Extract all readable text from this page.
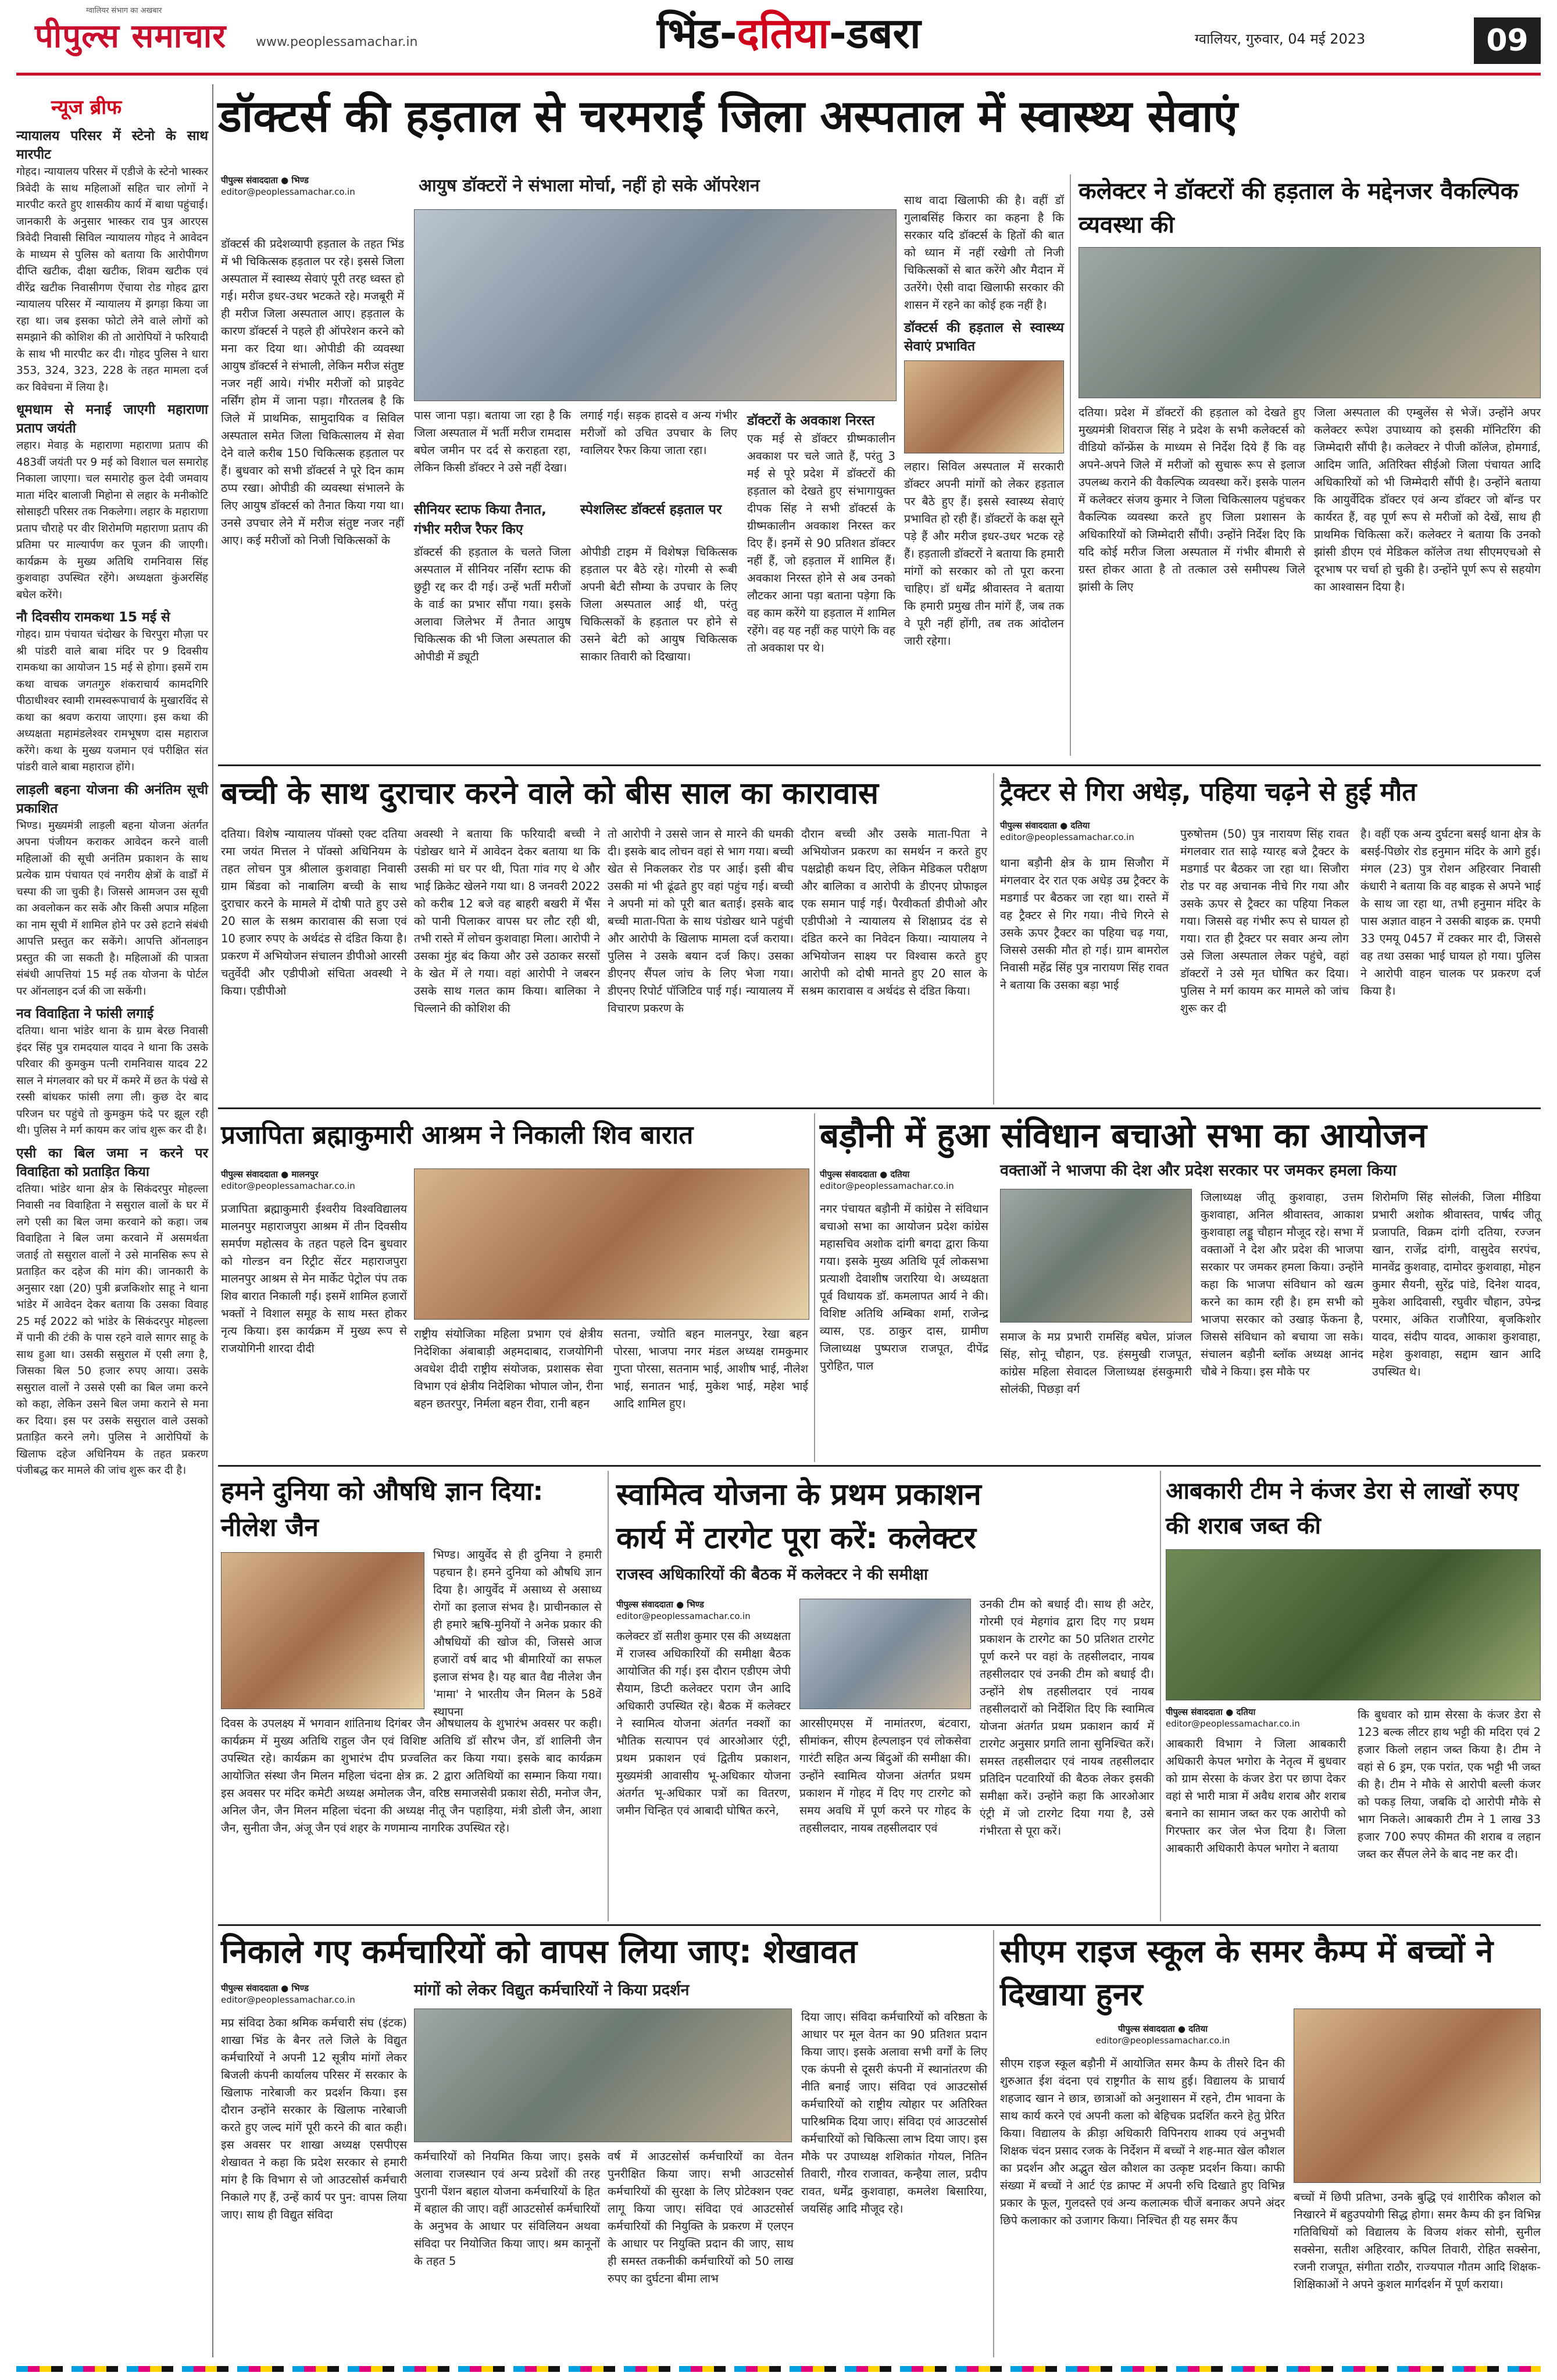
ग्वालियर संभाग का अखबार
पीपुल्स समाचार www.peoplessamachar.in	भिंड-दतिया-डबरा	ग्वालियर, गुरुवार, 04 मई 2023	09
न्यूज ब्रीफ
न्यायालय परिसर में स्टेनो के साथ मारपीट
गोहद। न्यायालय परिसर में एडीजे के स्टेनो भास्कर त्रिवेदी के साथ महिलाओं सहित चार लोगों ने मारपीट करते हुए शासकीय कार्य में बाधा पहुंचाई। जानकारी के अनुसार भास्कर राव पुत्र आरएस त्रिवेदी निवासी सिविल न्यायालय गोहद ने आवेदन के माध्यम से पुलिस को बताया कि आरोपीगण दीप्ति खटीक, दीक्षा खटीक, शिवम खटीक एवं वीरेंद्र खटीक निवासीगण ऐंचाया रोड गोहद द्वारा न्यायालय परिसर में न्यायालय में झगड़ा किया जा रहा था। जब इसका फोटो लेने वाले लोगों को समझाने की कोशिश की तो आरोपियों ने फरियादी के साथ भी मारपीट कर दी। गोहद पुलिस ने धारा 353, 324, 323, 228 के तहत मामला दर्ज कर विवेचना में लिया है।
धूमधाम से मनाई जाएगी महाराणा प्रताप जयंती
लहार। मेवाड़ के महाराणा महाराणा प्रताप की 483वीं जयंती पर 9 मई को विशाल चल समारोह निकाला जाएगा। चल समारोह कुल देवी जमवाय माता मंदिर बालाजी मिहोना से लहार के मनीकोटि सोसाइटी परिसर तक निकलेगा। लहार के महाराणा प्रताप चौराहे पर वीर शिरोमणि महाराणा प्रताप की प्रतिमा पर माल्यार्पण कर पूजन की जाएगी। कार्यक्रम के मुख्य अतिथि रामनिवास सिंह कुशवाहा उपस्थित रहेंगे। अध्यक्षता कुंअरसिंह बघेल करेंगे।
नौ दिवसीय रामकथा 15 मई से
गोहद। ग्राम पंचायत चंदोखर के चिरपुरा मौज़ा पर श्री पांडरी वाले बाबा मंदिर पर 9 दिवसीय रामकथा का आयोजन 15 मई से होगा। इसमें राम कथा वाचक जगतगुरु शंकराचार्य कामदगिरि पीठाधीश्वर स्वामी रामस्वरूपाचार्य के मुखारविंद से कथा का श्रवण कराया जाएगा। इस कथा की अध्यक्षता महामंडलेश्वर रामभूषण दास महाराज करेंगे। कथा के मुख्य यजमान एवं परीक्षित संत पांडरी वाले बाबा महाराज होंगे।
लाड़ली बहना योजना की अनंतिम सूची प्रकाशित
भिण्ड। मुख्यमंत्री लाड़ली बहना योजना अंतर्गत अपना पंजीयन कराकर आवेदन करने वाली महिलाओं की सूची अनंतिम प्रकाशन के साथ प्रत्येक ग्राम पंचायत एवं नगरीय क्षेत्रों के वार्डों में चस्पा की जा चुकी है। जिससे आमजन उस सूची का अवलोकन कर सकें और किसी अपात्र महिला का नाम सूची में शामिल होने पर उसे हटाने संबंधी आपत्ति प्रस्तुत कर सकेंगे। आपत्ति ऑनलाइन प्रस्तुत की जा सकती है। महिलाओं की पात्रता संबंधी आपत्तियां 15 मई तक योजना के पोर्टल पर ऑनलाइन दर्ज की जा सकेंगी।
नव विवाहिता ने फांसी लगाई
दतिया। थाना भांडेर थाना के ग्राम बेरछ निवासी इंदर सिंह पुत्र रामदयाल यादव ने थाना कि उसके परिवार की कुमकुम पत्नी रामनिवास यादव 22 साल ने मंगलवार को घर में कमरे में छत के पंखे से रस्सी बांधकर फांसी लगा ली। कुछ देर बाद परिजन घर पहुंचे तो कुमकुम फंदे पर झूल रही थी। पुलिस ने मर्ग कायम कर जांच शुरू कर दी है।
एसी का बिल जमा न करने पर विवाहिता को प्रताड़ित किया
दतिया। भांडेर थाना क्षेत्र के सिकंदरपुर मोहल्ला निवासी नव विवाहिता ने ससुराल वालों के घर में लगे एसी का बिल जमा करवाने को कहा। जब विवाहिता ने बिल जमा करवाने में असमर्थता जताई तो ससुराल वालों ने उसे मानसिक रूप से प्रताड़ित कर दहेज की मांग की। जानकारी के अनुसार रक्षा (20) पुत्री ब्रजकिशोर साहू ने थाना भांडेर में आवेदन देकर बताया कि उसका विवाह 25 मई 2022 को भांडेर के सिकंदरपुर मोहल्ला में पानी की टंकी के पास रहने वाले सागर साहू के साथ हुआ था। उसकी ससुराल में एसी लगा है, जिसका बिल 50 हजार रुपए आया। उसके ससुराल वालों ने उससे एसी का बिल जमा करने को कहा, लेकिन उसने बिल जमा कराने से मना कर दिया। इस पर उसके ससुराल वाले उसको प्रताड़ित करने लगे। पुलिस ने आरोपियों के खिलाफ दहेज अधिनियम के तहत प्रकरण पंजीबद्ध कर मामले की जांच शुरू कर दी है।
डॉक्टर्स की हड़ताल से चरमराईं जिला अस्पताल में स्वास्थ्य सेवाएं
पीपुल्स संवाददाता ● भिण्ड
editor@peoplessamachar.co.in	आयुष डॉक्टरों ने संभाला मोर्चा, नहीं हो सके ऑपरेशन
डॉक्टर्स की प्रदेशव्यापी हड़ताल के तहत भिंड में भी चिकित्सक हड़ताल पर रहे। इससे जिला अस्पताल में स्वास्थ्य सेवाएं पूरी तरह ध्वस्त हो गई। मरीज इधर-उधर भटकते रहे। मजबूरी में ही मरीज जिला अस्पताल आए। हड़ताल के कारण डॉक्टर्स ने पहले ही ऑपरेशन करने को मना कर दिया था। ओपीडी की व्यवस्था आयुष डॉक्टर्स ने संभाली, लेकिन मरीज संतुष्ट नजर नहीं आये। गंभीर मरीजों को प्राइवेट नर्सिंग होम में जाना पड़ा। गौरतलब है कि जिले में प्राथमिक, सामुदायिक व सिविल अस्पताल समेत जिला चिकित्सालय में सेवा देने वाले करीब 150 चिकित्सक हड़ताल पर हैं। बुधवार को सभी डॉक्टर्स ने पूरे दिन काम ठप्प रखा। ओपीडी की व्यवस्था संभालने के लिए आयुष डॉक्टर्स को तैनात किया गया था। उनसे उपचार लेने में मरीज संतुष्ट नजर नहीं आए। कई मरीजों को निजी चिकित्सकों के
पास जाना पड़ा। बताया जा रहा है कि जिला अस्पताल में भर्ती मरीज रामदास बघेल जमीन पर दर्द से कराहता रहा, लेकिन किसी डॉक्टर ने उसे नहीं देखा।
सीनियर स्टाफ किया तैनात, गंभीर मरीज रैफर किए
डॉक्टर्स की हड़ताल के चलते जिला अस्पताल में सीनियर नर्सिंग स्टाफ की छुट्टी रद्द कर दी गई। उन्हें भर्ती मरीजों के वार्ड का प्रभार सौंपा गया। इसके अलावा जिलेभर में तैनात आयुष चिकित्सक की भी जिला अस्पताल की ओपीडी में ड्यूटी
लगाई गई। सड़क हादसे व अन्य गंभीर मरीजों को उचित उपचार के लिए ग्वालियर रैफर किया जाता रहा।
स्पेशलिस्ट डॉक्टर्स हड़ताल पर
ओपीडी टाइम में विशेषज्ञ चिकित्सक हड़ताल पर बैठे रहे। गोरमी से रूबी अपनी बेटी सौम्या के उपचार के लिए जिला अस्पताल आई थी, परंतु चिकित्सकों के हड़ताल पर होने से उसने बेटी को आयुष चिकित्सक साकार तिवारी को दिखाया।
डॉक्टरों के अवकाश निरस्त
एक मई से डॉक्टर ग्रीष्मकालीन अवकाश पर चले जाते हैं, परंतु 3 मई से पूरे प्रदेश में डॉक्टरों की हड़ताल को देखते हुए संभागायुक्त दीपक सिंह ने सभी डॉक्टर्स के ग्रीष्मकालीन अवकाश निरस्त कर दिए हैं। इनमें से 90 प्रतिशत डॉक्टर नहीं हैं, जो हड़ताल में शामिल हैं। अवकाश निरस्त होने से अब उनको लौटकर आना पड़ा बताना पड़ेगा कि वह काम करेंगे या हड़ताल में शामिल रहेंगे। वह यह नहीं कह पाएंगे कि वह तो अवकाश पर थे।
साथ वादा खिलाफी की है। वहीं डॉ गुलाबसिंह किरार का कहना है कि सरकार यदि डॉक्टर्स के हितों की बात को ध्यान में नहीं रखेगी तो निजी चिकित्सकों से बात करेंगे और मैदान में उतरेंगे। ऐसी वादा खिलाफी सरकार की शासन में रहने का कोई हक नहीं है।
डॉक्टर्स की हड़ताल से स्वास्थ्य सेवाएं प्रभावित
लहार। सिविल अस्पताल में सरकारी डॉक्टर अपनी मांगों को लेकर हड़ताल पर बैठे हुए हैं। इससे स्वास्थ्य सेवाएं प्रभावित हो रही हैं। डॉक्टरों के कक्ष सूने पड़े हैं और मरीज इधर-उधर भटक रहे हैं। हड़ताली डॉक्टरों ने बताया कि हमारी मांगों को सरकार को तो पूरा करना चाहिए। डॉ धर्मेंद्र श्रीवास्तव ने बताया कि हमारी प्रमुख तीन मांगें हैं, जब तक वे पूरी नहीं होंगी, तब तक आंदोलन जारी रहेगा।
कलेक्टर ने डॉक्टरों की हड़ताल के मद्देनजर वैकल्पिक व्यवस्था की
दतिया। प्रदेश में डॉक्टरों की हड़ताल को देखते हुए मुख्यमंत्री शिवराज सिंह ने प्रदेश के सभी कलेक्टर्स को वीडियो कॉन्फ्रेंस के माध्यम से निर्देश दिये हैं कि वह अपने-अपने जिले में मरीजों को सुचारू रूप से इलाज उपलब्ध कराने की वैकल्पिक व्यवस्था करें। इसके पालन में कलेक्टर संजय कुमार ने जिला चिकित्सालय पहुंचकर वैकल्पिक व्यवस्था करते हुए जिला प्रशासन के अधिकारियों को जिम्मेदारी सौंपी। उन्होंने निर्देश दिए कि यदि कोई मरीज जिला अस्पताल में गंभीर बीमारी से ग्रस्त होकर आता है तो तत्काल उसे समीपस्थ जिले झांसी के लिए
जिला अस्पताल की एम्बुलेंस से भेजें। उन्होंने अपर कलेक्टर रूपेश उपाध्याय को इसकी मॉनिटरिंग की जिम्मेदारी सौंपी है। कलेक्टर ने पीजी कॉलेज, होमगार्ड, आदिम जाति, अतिरिक्त सीईओ जिला पंचायत आदि अधिकारियों को भी जिम्मेदारी सौंपी है। उन्होंने बताया कि आयुर्वेदिक डॉक्टर एवं अन्य डॉक्टर जो बॉन्ड पर कार्यरत हैं, वह पूर्ण रूप से मरीजों को देखें, साथ ही प्राथमिक चिकित्सा करें। कलेक्टर ने बताया कि उनको झांसी डीएम एवं मेडिकल कॉलेज तथा सीएमएचओ से दूरभाष पर चर्चा हो चुकी है। उन्होंने पूर्ण रूप से सहयोग का आश्वासन दिया है।
बच्ची के साथ दुराचार करने वाले को बीस साल का कारावास
दतिया। विशेष न्यायालय पॉक्सो एक्ट दतिया रमा जयंत मित्तल ने पॉक्सो अधिनियम के तहत लोचन पुत्र श्रीलाल कुशवाहा निवासी ग्राम बिंडवा को नाबालिग बच्ची के साथ दुराचार करने के मामले में दोषी पाते हुए उसे 20 साल के सश्रम कारावास की सजा एवं 10 हजार रुपए के अर्थदंड से दंडित किया है। प्रकरण में अभियोजन संचालन डीपीओ आरसी चतुर्वेदी और एडीपीओ संचिता अवस्थी ने किया। एडीपीओ
अवस्थी ने बताया कि फरियादी बच्ची ने पंडोखर थाने में आवेदन देकर बताया था कि उसकी मां घर पर थी, पिता गांव गए थे और भाई क्रिकेट खेलने गया था। 8 जनवरी 2022 को करीब 12 बजे वह बाहरी बखरी में भैंस को पानी पिलाकर वापस घर लौट रही थी, तभी रास्ते में लोचन कुशवाहा मिला। आरोपी ने उसका मुंह बंद किया और उसे उठाकर सरसों के खेत में ले गया। वहां आरोपी ने जबरन उसके साथ गलत काम किया। बालिका ने चिल्लाने की कोशिश की
तो आरोपी ने उससे जान से मारने की धमकी दी। इसके बाद लोचन वहां से भाग गया। बच्ची खेत से निकलकर रोड पर आई। इसी बीच उसकी मां भी ढूंढते हुए वहां पहुंच गई। बच्ची ने अपनी मां को पूरी बात बताई। इसके बाद बच्ची माता-पिता के साथ पंडोखर थाने पहुंची और आरोपी के खिलाफ मामला दर्ज कराया। पुलिस ने उसके बयान दर्ज किए। उसका डीएनए सैंपल जांच के लिए भेजा गया। डीएनए रिपोर्ट पॉजिटिव पाई गई। न्यायालय में विचारण प्रकरण के
दौरान बच्ची और उसके माता-पिता ने अभियोजन प्रकरण का समर्थन न करते हुए पक्षद्रोही कथन दिए, लेकिन मेडिकल परीक्षण और बालिका व आरोपी के डीएनए प्रोफाइल एक समान पाई गई। पैरवीकर्ता डीपीओ और एडीपीओ ने न्यायालय से शिक्षाप्रद दंड से दंडित करने का निवेदन किया। न्यायालय ने अभियोजन साक्ष्य पर विश्वास करते हुए आरोपी को दोषी मानते हुए 20 साल के सश्रम कारावास व अर्थदंड से दंडित किया।
ट्रैक्टर से गिरा अधेड़, पहिया चढ़ने से हुई मौत
पीपुल्स संवाददाता ● दतिया
editor@peoplessamachar.co.in
थाना बड़ौनी क्षेत्र के ग्राम सिजौरा में मंगलवार देर रात एक अधेड़ उम्र ट्रैक्टर के मडगार्ड पर बैठकर जा रहा था। रास्ते में वह ट्रैक्टर से गिर गया। नीचे गिरने से उसके ऊपर ट्रैक्टर का पहिया चढ़ गया, जिससे उसकी मौत हो गई। ग्राम बामरोल निवासी महेंद्र सिंह पुत्र नारायण सिंह रावत ने बताया कि उसका बड़ा भाई
पुरुषोत्तम (50) पुत्र नारायण सिंह रावत मंगलवार रात साढ़े ग्यारह बजे ट्रैक्टर के मडगार्ड पर बैठकर जा रहा था। सिजौरा रोड पर वह अचानक नीचे गिर गया और उसके ऊपर से ट्रैक्टर का पहिया निकल गया। जिससे वह गंभीर रूप से घायल हो गया। रात ही ट्रैक्टर पर सवार अन्य लोग उसे जिला अस्पताल लेकर पहुंचे, वहां डॉक्टरों ने उसे मृत घोषित कर दिया। पुलिस ने मर्ग कायम कर मामले को जांच शुरू कर दी
है। वहीं एक अन्य दुर्घटना बसई थाना क्षेत्र के बसई-पिछोर रोड हनुमान मंदिर के आगे हुई। मंगल (23) पुत्र रोशन अहिरवार निवासी कंधारी ने बताया कि वह बाइक से अपने भाई के साथ जा रहा था, तभी हनुमान मंदिर के पास अज्ञात वाहन ने उसकी बाइक क्र. एमपी 33 एमयू 0457 में टक्कर मार दी, जिससे वह तथा उसका भाई घायल हो गया। पुलिस ने आरोपी वाहन चालक पर प्रकरण दर्ज किया है।
प्रजापिता ब्रह्माकुमारी आश्रम ने निकाली शिव बारात
पीपुल्स संवाददाता ● मालनपुर
editor@peoplessamachar.co.in
प्रजापिता ब्रह्माकुमारी ईश्वरीय विश्वविद्यालय मालनपुर महाराजपुरा आश्रम में तीन दिवसीय समर्पण महोत्सव के तहत पहले दिन बुधवार को गोल्डन वन रिट्रीट सेंटर महाराजपुरा मालनपुर आश्रम से मेन मार्केट पेट्रोल पंप तक शिव बारात निकाली गई। इसमें शामिल हजारों भक्तों ने विशाल समूह के साथ मस्त होकर नृत्य किया। इस कार्यक्रम में मुख्य रूप से राजयोगिनी शारदा दीदी
राष्ट्रीय संयोजिका महिला प्रभाग एवं क्षेत्रीय निदेशिका अंबाबाड़ी अहमदाबाद, राजयोगिनी अवधेश दीदी राष्ट्रीय संयोजक, प्रशासक सेवा विभाग एवं क्षेत्रीय निदेशिका भोपाल जोन, रीना बहन छतरपुर, निर्मला बहन रीवा, रानी बहन
सतना, ज्योति बहन मालनपुर, रेखा बहन पोरसा, भाजपा नगर मंडल अध्यक्ष रामकुमार गुप्ता पोरसा, सतनाम भाई, आशीष भाई, नीलेश भाई, सनातन भाई, मुकेश भाई, महेश भाई आदि शामिल हुए।
बड़ौनी में हुआ संविधान बचाओ सभा का आयोजन
पीपुल्स संवाददाता ● दतिया
editor@peoplessamachar.co.in
वक्ताओं ने भाजपा की देश और प्रदेश सरकार पर जमकर हमला किया
नगर पंचायत बड़ौनी में कांग्रेस ने संविधान बचाओ सभा का आयोजन प्रदेश कांग्रेस महासचिव अशोक दांगी बगदा द्वारा किया गया। इसके मुख्य अतिथि पूर्व लोकसभा प्रत्याशी देवाशीष जरारिया थे। अध्यक्षता पूर्व विधायक डॉ. कमलापत आर्य ने की। विशिष्ट अतिथि अम्बिका शर्मा, राजेन्द्र व्यास, एड. ठाकुर दास, ग्रामीण जिलाध्यक्ष पुष्पराज राजपूत, दीपेंद्र पुरोहित, पाल
समाज के मप्र प्रभारी रामसिंह बघेल, प्रांजल सिंह, सोनू चौहान, एड. हंसमुखी राजपूत, कांग्रेस महिला सेवादल जिलाध्यक्ष हंसकुमारी सोलंकी, पिछड़ा वर्ग
जिलाध्यक्ष जीतू कुशवाहा, उत्तम कुशवाहा, अनिल श्रीवास्तव, आकाश कुशवाहा लड्डू चौहान मौजूद रहे। सभा में वक्ताओं ने देश और प्रदेश की भाजपा सरकार पर जमकर हमला किया। उन्होंने कहा कि भाजपा संविधान को खत्म करने का काम रही है। हम सभी को भाजपा सरकार को उखाड़ फेंकना है, जिससे संविधान को बचाया जा सके। संचालन बड़ौनी ब्लॉक अध्यक्ष आनंद चौबे ने किया। इस मौके पर
शिरोमणि सिंह सोलंकी, जिला मीडिया प्रभारी अशोक श्रीवास्तव, पार्षद जीतू प्रजापति, विक्रम दांगी दतिया, रज्जन खान, राजेंद्र दांगी, वासुदेव सरपंच, मानवेंद्र कुशवाह, दामोदर कुशवाहा, मोहन कुमार सैयनी, सुरेंद्र पांडे, दिनेश यादव, मुकेश आदिवासी, रघुवीर चौहान, उपेन्द्र परमार, अंकित राजौरिया, बृजकिशोर यादव, संदीप यादव, आकाश कुशवाहा, महेश कुशवाहा, सद्दाम खान आदि उपस्थित थे।
हमने दुनिया को औषधि ज्ञान दिया: नीलेश जैन
भिण्ड। आयुर्वेद से ही दुनिया ने हमारी पहचान है। हमने दुनिया को औषधि ज्ञान दिया है। आयुर्वेद में असाध्य से असाध्य रोगों का इलाज संभव है। प्राचीनकाल से ही हमारे ऋषि-मुनियों ने अनेक प्रकार की औषधियों की खोज की, जिससे आज हजारों वर्ष बाद भी बीमारियों का सफल इलाज संभव है। यह बात वैद्य नीलेश जैन 'मामा' ने भारतीय जैन मिलन के 58वें स्थापना
दिवस के उपलक्ष्य में भगवान शांतिनाथ दिगंबर जैन औषधालय के शुभारंभ अवसर पर कही। कार्यक्रम में मुख्य अतिथि राहुल जैन एवं विशिष्ट अतिथि डॉ सौरभ जैन, डॉ शालिनी जैन उपस्थित रहे। कार्यक्रम का शुभारंभ दीप प्रज्वलित कर किया गया। इसके बाद कार्यक्रम आयोजित संस्था जैन मिलन महिला चंदना क्षेत्र क्र. 2 द्वारा अतिथियों का सम्मान किया गया। इस अवसर पर मंदिर कमेटी अध्यक्ष अमोलक जैन, वरिष्ठ समाजसेवी प्रकाश सेठी, मनोज जैन, अनिल जैन, जैन मिलन महिला चंदना की अध्यक्ष नीतू जैन पहाड़िया, मंत्री डोली जैन, आशा जैन, सुनीता जैन, अंजू जैन एवं शहर के गणमान्य नागरिक उपस्थित रहे।
स्वामित्व योजना के प्रथम प्रकाशन
कार्य में टारगेट पूरा करें: कलेक्टर
राजस्व अधिकारियों की बैठक में कलेक्टर ने की समीक्षा
पीपुल्स संवाददाता ● भिण्ड
editor@peoplessamachar.co.in
कलेक्टर डॉ सतीश कुमार एस की अध्यक्षता में राजस्व अधिकारियों की समीक्षा बैठक आयोजित की गई। इस दौरान एडीएम जेपी सैयाम, डिप्टी कलेक्टर पराग जैन आदि अधिकारी उपस्थित रहे। बैठक में कलेक्टर ने स्वामित्व योजना अंतर्गत नक्शों का भौतिक सत्यापन एवं आरओआर एंट्री, प्रथम प्रकाशन एवं द्वितीय प्रकाशन, मुख्यमंत्री आवासीय भू-अधिकार योजना अंतर्गत भू-अधिकार पत्रों का वितरण, जमीन चिन्हित एवं आबादी घोषित करने,
आरसीएमएस में नामांतरण, बंटवारा, सीमांकन, सीएम हेल्पलाइन एवं लोकसेवा गारंटी सहित अन्य बिंदुओं की समीक्षा की। उन्होंने स्वामित्व योजना अंतर्गत प्रथम प्रकाशन में गोहद में दिए गए टारगेट को समय अवधि में पूर्ण करने पर गोहद के तहसीलदार, नायब तहसीलदार एवं
उनकी टीम को बधाई दी। साथ ही अटेर, गोरमी एवं मेहगांव द्वारा दिए गए प्रथम प्रकाशन के टारगेट का 50 प्रतिशत टारगेट पूर्ण करने पर वहां के तहसीलदार, नायब तहसीलदार एवं उनकी टीम को बधाई दी। उन्होंने शेष तहसीलदार एवं नायब तहसीलदारों को निर्देशित दिए कि स्वामित्व योजना अंतर्गत प्रथम प्रकाशन कार्य में टारगेट अनुसार प्रगति लाना सुनिश्चित करें। समस्त तहसीलदार एवं नायब तहसीलदार प्रतिदिन पटवारियों की बैठक लेकर इसकी समीक्षा करें। उन्होंने कहा कि आरओआर एंट्री में जो टारगेट दिया गया है, उसे गंभीरता से पूरा करें।
आबकारी टीम ने कंजर डेरा से लाखों रुपए की शराब जब्त की
पीपुल्स संवाददाता ● दतिया
editor@peoplessamachar.co.in
आबकारी विभाग ने जिला आबकारी अधिकारी केपल भगोरा के नेतृत्व में बुधवार को ग्राम सेरसा के कंजर डेरा पर छापा देकर वहां से भारी मात्रा में अवैध शराब और शराब बनाने का सामान जब्त कर एक आरोपी को गिरफ्तार कर जेल भेज दिया है। जिला आबकारी अधिकारी केपल भगोरा ने बताया
कि बुधवार को ग्राम सेरसा के कंजर डेरा से 123 बल्क लीटर हाथ भट्टी की मदिरा एवं 2 हजार किलो लहान जब्त किया है। टीम ने वहां से 6 ड्रम, एक परांत, एक भट्टी भी जब्त की है। टीम ने मौके से आरोपी बल्ली कंजर को पकड़ लिया, जबकि दो आरोपी मौके से भाग निकले। आबकारी टीम ने 1 लाख 33 हजार 700 रुपए कीमत की शराब व लहान जब्त कर सैंपल लेने के बाद नष्ट कर दी।
निकाले गए कर्मचारियों को वापस लिया जाए: शेखावत
पीपुल्स संवाददाता ● भिण्ड
editor@peoplessamachar.co.in
मांगों को लेकर विद्युत कर्मचारियों ने किया प्रदर्शन
मप्र संविदा ठेका श्रमिक कर्मचारी संघ (इंटक) शाखा भिंड के बैनर तले जिले के विद्युत कर्मचारियों ने अपनी 12 सूत्रीय मांगों लेकर बिजली कंपनी कार्यालय परिसर में सरकार के खिलाफ नारेबाजी कर प्रदर्शन किया। इस दौरान उन्होंने सरकार के खिलाफ नारेबाजी करते हुए जल्द मांगें पूरी करने की बात कही। इस अवसर पर शाखा अध्यक्ष एसपीएस शेखावत ने कहा कि प्रदेश सरकार से हमारी मांग है कि विभाग से जो आउटसोर्स कर्मचारी निकाले गए हैं, उन्हें कार्य पर पुन: वापस लिया जाए। साथ ही विद्युत संविदा
कर्मचारियों को नियमित किया जाए। इसके अलावा राजस्थान एवं अन्य प्रदेशों की तरह पुरानी पेंशन बहाल योजना कर्मचारियों के हित में बहाल की जाए। वहीं आउटसोर्स कर्मचारियों के अनुभव के आधार पर संविलियन अथवा संविदा पर नियोजित किया जाए। श्रम कानूनों के तहत 5
वर्ष में आउटसोर्स कर्मचारियों का वेतन पुनरीक्षित किया जाए। सभी आउटसोर्स कर्मचारियों की सुरक्षा के लिए प्रोटेक्शन एक्ट लागू किया जाए। संविदा एवं आउटसोर्स कर्मचारियों की नियुक्ति के प्रकरण में एलएन के आधार पर नियुक्ति प्रदान की जाए, साथ ही समस्त तकनीकी कर्मचारियों को 50 लाख रुपए का दुर्घटना बीमा लाभ
दिया जाए। संविदा कर्मचारियों को वरिष्ठता के आधार पर मूल वेतन का 90 प्रतिशत प्रदान किया जाए। इसके अलावा सभी वर्गों के लिए एक कंपनी से दूसरी कंपनी में स्थानांतरण की नीति बनाई जाए। संविदा एवं आउटसोर्स कर्मचारियों को राष्ट्रीय त्योहार पर अतिरिक्त पारिश्रमिक दिया जाए। संविदा एवं आउटसोर्स कर्मचारियों को चिकित्सा लाभ दिया जाए। इस मौके पर उपाध्यक्ष शशिकांत गोयल, नितिन तिवारी, गौरव राजावत, कन्हैया लाल, प्रदीप रावत, धर्मेंद्र कुशवाहा, कमलेश बिसारिया, जयसिंह आदि मौजूद रहे।
सीएम राइज स्कूल के समर कैम्प में बच्चों ने दिखाया हुनर
पीपुल्स संवाददाता ● दतिया
editor@peoplessamachar.co.in
सीएम राइज स्कूल बड़ौनी में आयोजित समर कैम्प के तीसरे दिन की शुरुआत ईश वंदना एवं राष्ट्रगीत के साथ हुई। विद्यालय के प्राचार्य शहजाद खान ने छात्र, छात्राओं को अनुशासन में रहने, टीम भावना के साथ कार्य करने एवं अपनी कला को बेहिचक प्रदर्शित करने हेतु प्रेरित किया। विद्यालय के क्रीड़ा अधिकारी विपिनराय शाक्य एवं अनुभवी शिक्षक चंदन प्रसाद रजक के निर्देशन में बच्चों ने शह-मात खेल कौशल का प्रदर्शन और अद्भुत खेल कौशल का उत्कृष्ट प्रदर्शन किया। काफी संख्या में बच्चों ने आर्ट एंड क्राफ्ट में अपनी रुचि दिखाते हुए विभिन्न प्रकार के फूल, गुलदस्ते एवं अन्य कलात्मक चीजें बनाकर अपने अंदर छिपे कलाकार को उजागर किया। निश्चित ही यह समर कैंप
बच्चों में छिपी प्रतिभा, उनके बुद्धि एवं शारीरिक कौशल को निखारने में बहुउपयोगी सिद्ध होगा। समर कैम्प की इन विभिन्न गतिविधियों को विद्यालय के विजय शंकर सोनी, सुनील सक्सेना, सतीश अहिरवार, कपिल तिवारी, रोहित सक्सेना, रजनी राजपूत, संगीता राठौर, राज्यपाल गौतम आदि शिक्षक-शिक्षिकाओं ने अपने कुशल मार्गदर्शन में पूर्ण कराया।
